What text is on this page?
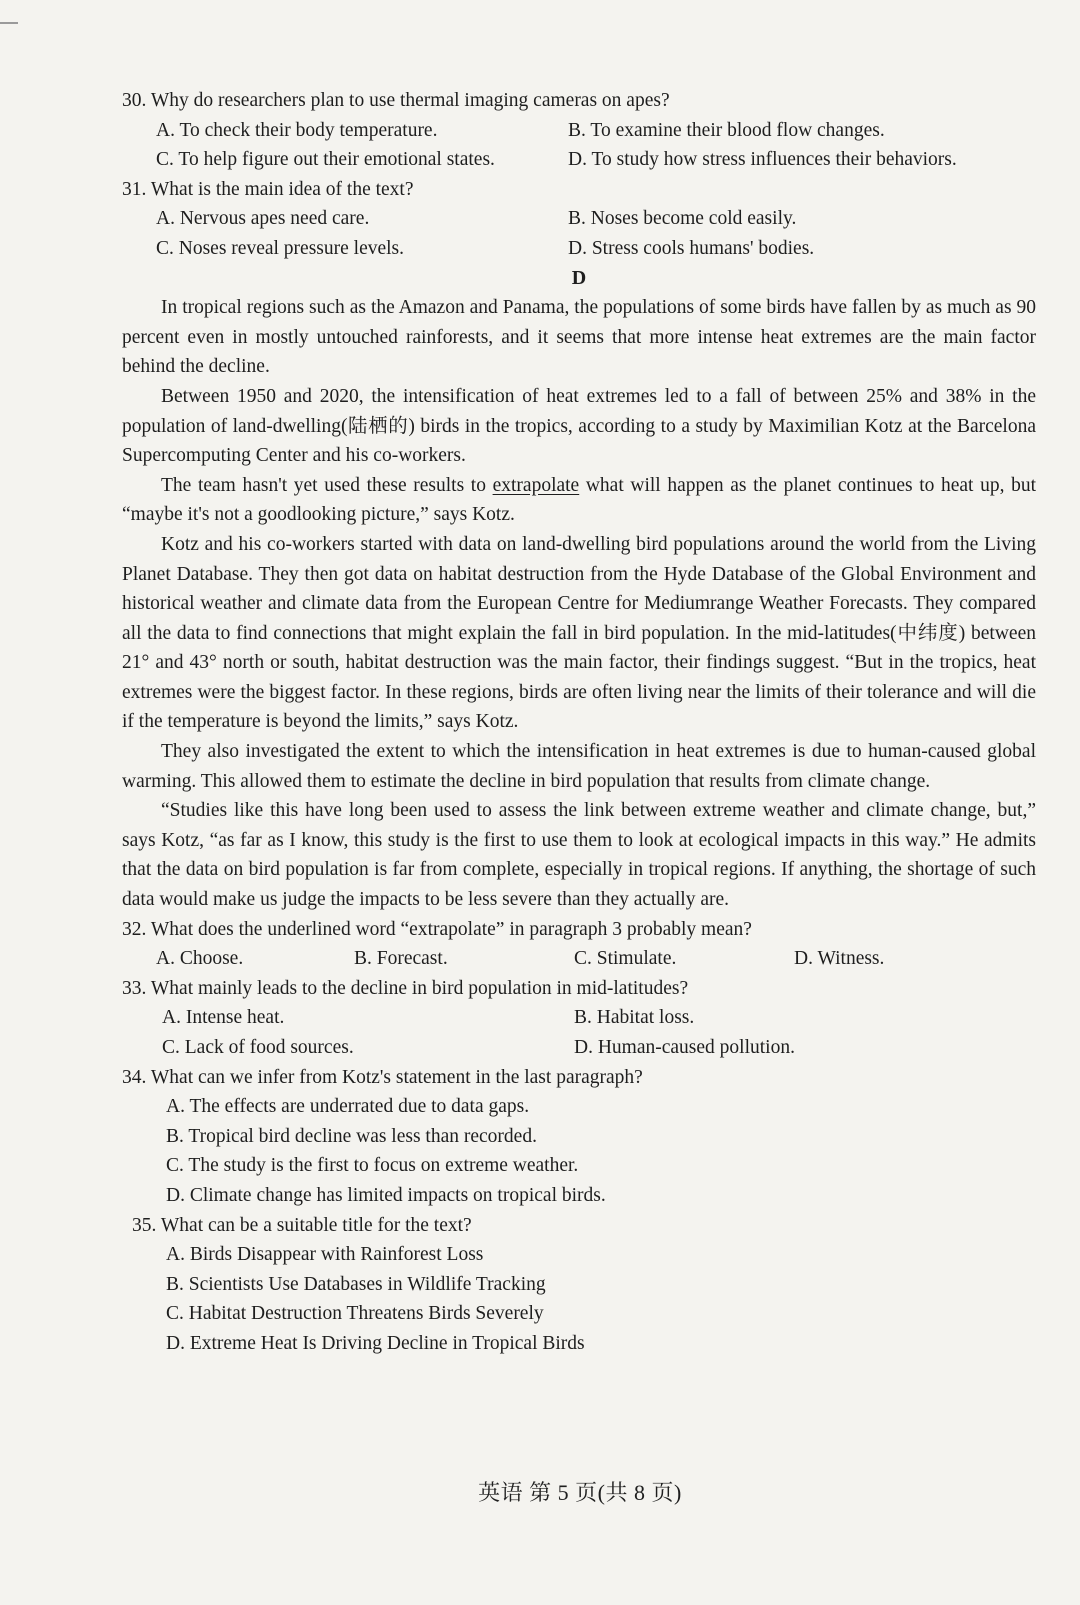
30. Why do researchers plan to use thermal imaging cameras on apes?
A. To check their body temperature.	B. To examine their blood flow changes.
C. To help figure out their emotional states.	D. To study how stress influences their behaviors.
31. What is the main idea of the text?
A. Nervous apes need care.	B. Noses become cold easily.
C. Noses reveal pressure levels.	D. Stress cools humans' bodies.
D

In tropical regions such as the Amazon and Panama, the populations of some birds have fallen by as much as 90 percent even in mostly untouched rainforests, and it seems that more intense heat extremes are the main factor behind the decline.

Between 1950 and 2020, the intensification of heat extremes led to a fall of between 25% and 38% in the population of land-dwelling(陆栖的) birds in the tropics, according to a study by Maximilian Kotz at the Barcelona Supercomputing Center and his co-workers.

The team hasn't yet used these results to extrapolate what will happen as the planet continues to heat up, but “maybe it's not a goodlooking picture,” says Kotz.

Kotz and his co-workers started with data on land-dwelling bird populations around the world from the Living Planet Database. They then got data on habitat destruction from the Hyde Database of the Global Environment and historical weather and climate data from the European Centre for Mediumrange Weather Forecasts. They compared all the data to find connections that might explain the fall in bird population. In the mid-latitudes(中纬度) between 21° and 43° north or south, habitat destruction was the main factor, their findings suggest. “But in the tropics, heat extremes were the biggest factor. In these regions, birds are often living near the limits of their tolerance and will die if the temperature is beyond the limits,” says Kotz.

They also investigated the extent to which the intensification in heat extremes is due to human-caused global warming. This allowed them to estimate the decline in bird population that results from climate change.

“Studies like this have long been used to assess the link between extreme weather and climate change, but,” says Kotz, “as far as I know, this study is the first to use them to look at ecological impacts in this way.” He admits that the data on bird population is far from complete, especially in tropical regions. If anything, the shortage of such data would make us judge the impacts to be less severe than they actually are.

32. What does the underlined word “extrapolate” in paragraph 3 probably mean?
A. Choose.	B. Forecast.	C. Stimulate.	D. Witness.
33. What mainly leads to the decline in bird population in mid-latitudes?
A. Intense heat.	B. Habitat loss.
C. Lack of food sources.	D. Human-caused pollution.
34. What can we infer from Kotz's statement in the last paragraph?
A. The effects are underrated due to data gaps.
B. Tropical bird decline was less than recorded.
C. The study is the first to focus on extreme weather.
D. Climate change has limited impacts on tropical birds.
35. What can be a suitable title for the text?
A. Birds Disappear with Rainforest Loss
B. Scientists Use Databases in Wildlife Tracking
C. Habitat Destruction Threatens Birds Severely
D. Extreme Heat Is Driving Decline in Tropical Birds
英语 第 5 页(共 8 页)
